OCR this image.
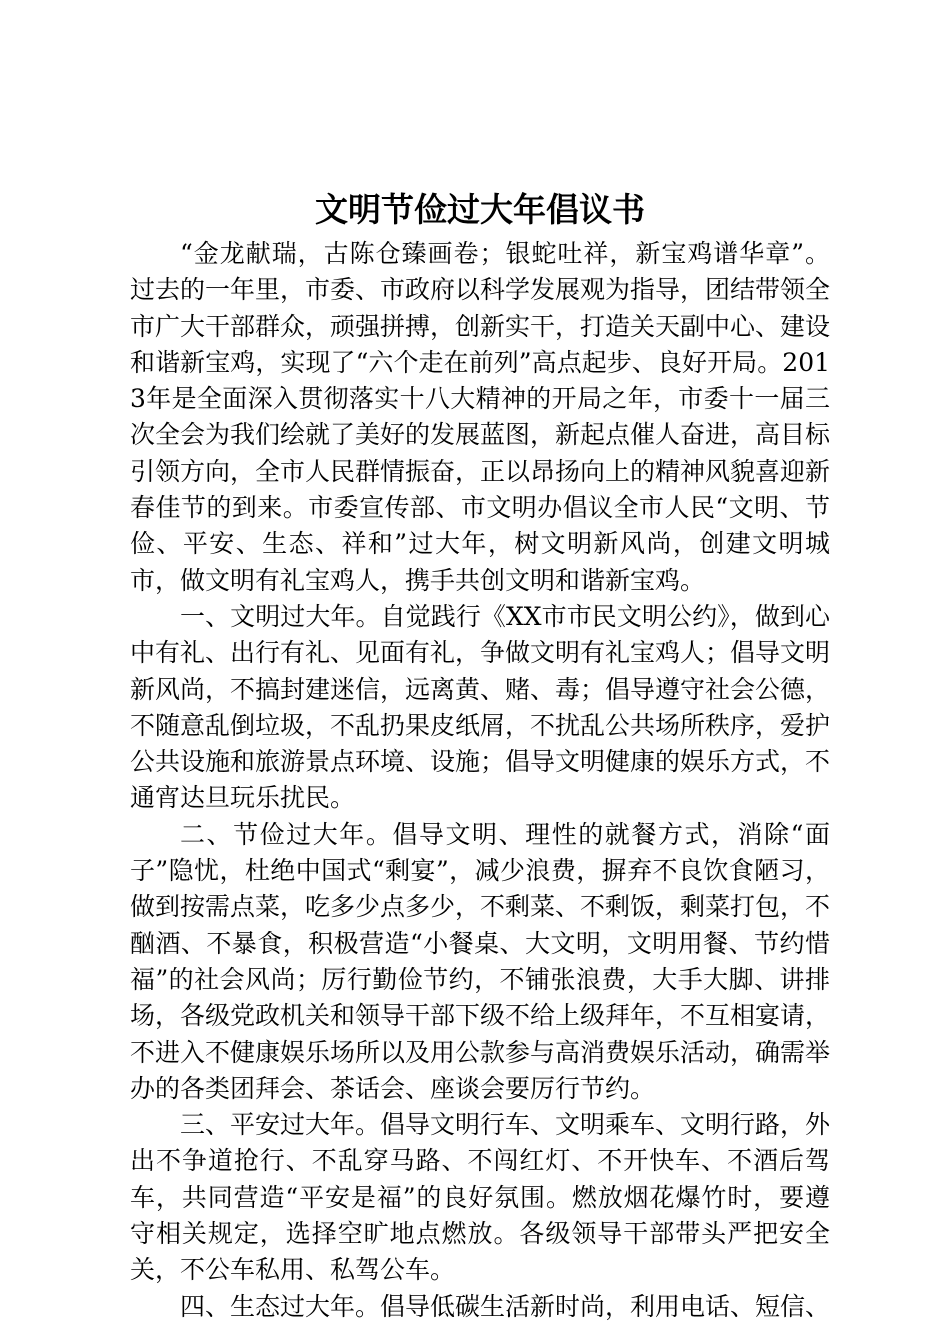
文明节俭过大年倡议书

“金龙献瑞，古陈仓臻画卷；银蛇吐祥，新宝鸡谱华章”。过去的一年里，市委、市政府以科学发展观为指导，团结带领全市广大干部群众，顽强拼搏，创新实干，打造关天副中心、建设和谐新宝鸡，实现了“六个走在前列”高点起步、良好开局。2013年是全面深入贯彻落实十八大精神的开局之年，市委十一届三次全会为我们绘就了美好的发展蓝图，新起点催人奋进，高目标引领方向，全市人民群情振奋，正以昂扬向上的精神风貌喜迎新春佳节的到来。市委宣传部、市文明办倡议全市人民“文明、节俭、平安、生态、祥和”过大年，树文明新风尚，创建文明城市，做文明有礼宝鸡人，携手共创文明和谐新宝鸡。

一、文明过大年。自觉践行《XX市市民文明公约》，做到心中有礼、出行有礼、见面有礼，争做文明有礼宝鸡人；倡导文明新风尚，不搞封建迷信，远离黄、赌、毒；倡导遵守社会公德，不随意乱倒垃圾，不乱扔果皮纸屑，不扰乱公共场所秩序，爱护公共设施和旅游景点环境、设施；倡导文明健康的娱乐方式，不通宵达旦玩乐扰民。

二、节俭过大年。倡导文明、理性的就餐方式，消除“面子”隐忧，杜绝中国式“剩宴”，减少浪费，摒弃不良饮食陋习，做到按需点菜，吃多少点多少，不剩菜、不剩饭，剩菜打包，不酗酒、不暴食，积极营造“小餐桌、大文明，文明用餐、节约惜福”的社会风尚；厉行勤俭节约，不铺张浪费，大手大脚、讲排场，各级党政机关和领导干部下级不给上级拜年，不互相宴请，不进入不健康娱乐场所以及用公款参与高消费娱乐活动，确需举办的各类团拜会、茶话会、座谈会要厉行节约。

三、平安过大年。倡导文明行车、文明乘车、文明行路，外出不争道抢行、不乱穿马路、不闯红灯、不开快车、不酒后驾车，共同营造“平安是福”的良好氛围。燃放烟花爆竹时，要遵守相关规定，选择空旷地点燃放。各级领导干部带头严把安全关，不公车私用、私驾公车。

四、生态过大年。倡导低碳生活新时尚，利用电话、短信、
